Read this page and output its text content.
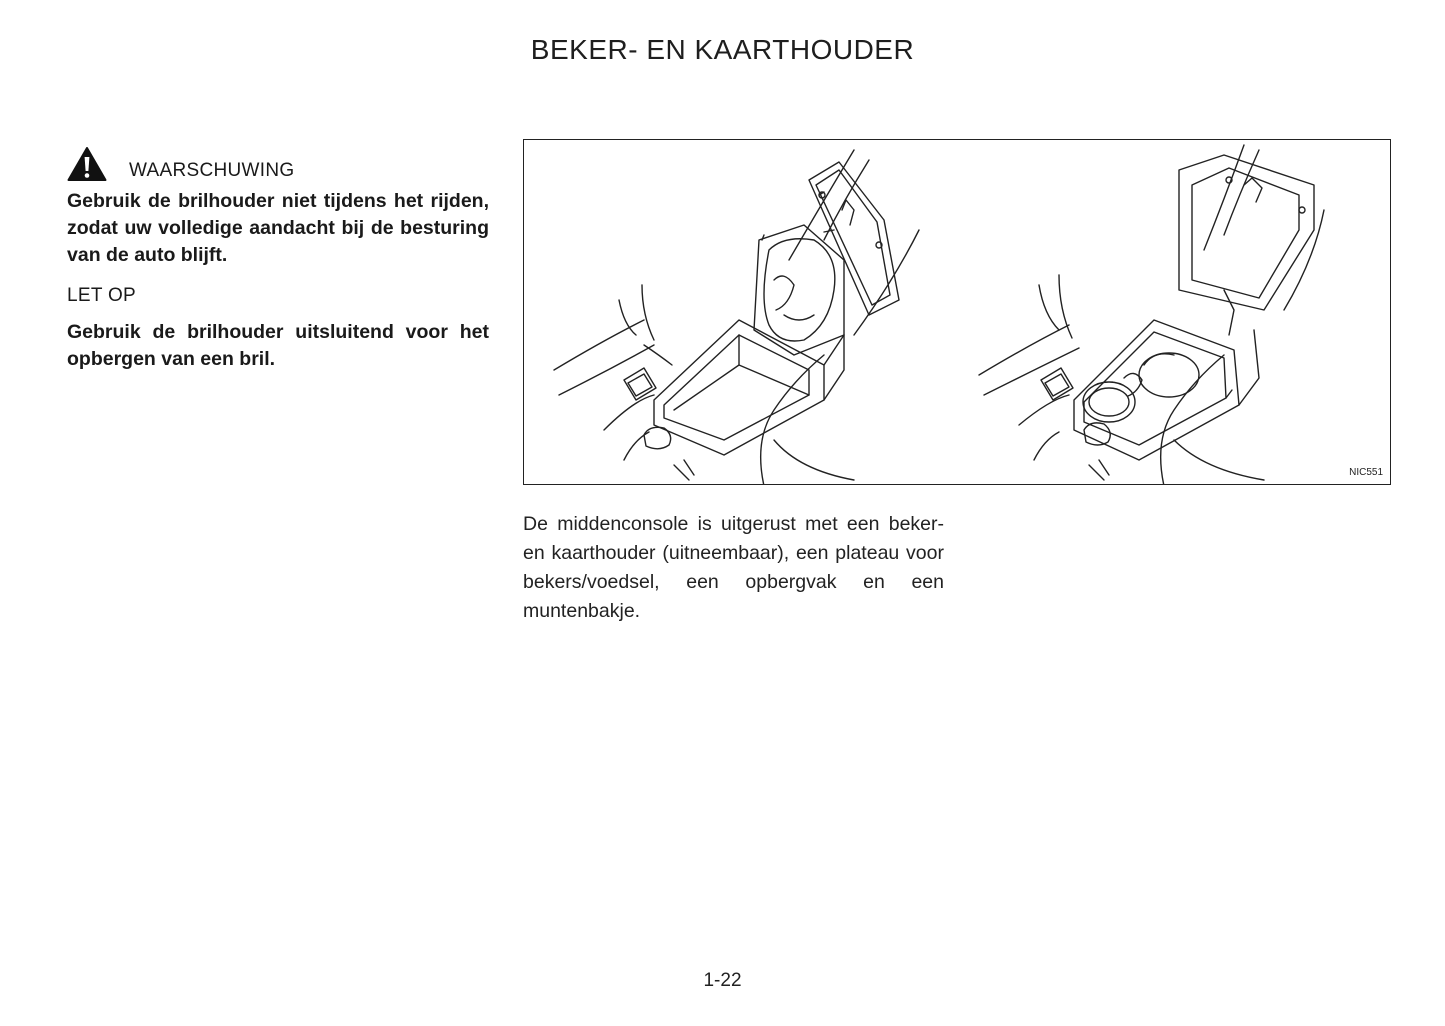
BEKER- EN KAARTHOUDER
WAARSCHUWING

Gebruik de brilhouder niet tijdens het rijden, zodat uw volledige aandacht bij de besturing van de auto blijft.

LET OP

Gebruik de brilhouder uitsluitend voor het opbergen van een bril.

NIC551
De middenconsole is uitgerust met een beker- en kaarthouder (uitneembaar), een plateau voor bekers/voedsel, een opbergvak en een muntenbakje.
1-22
